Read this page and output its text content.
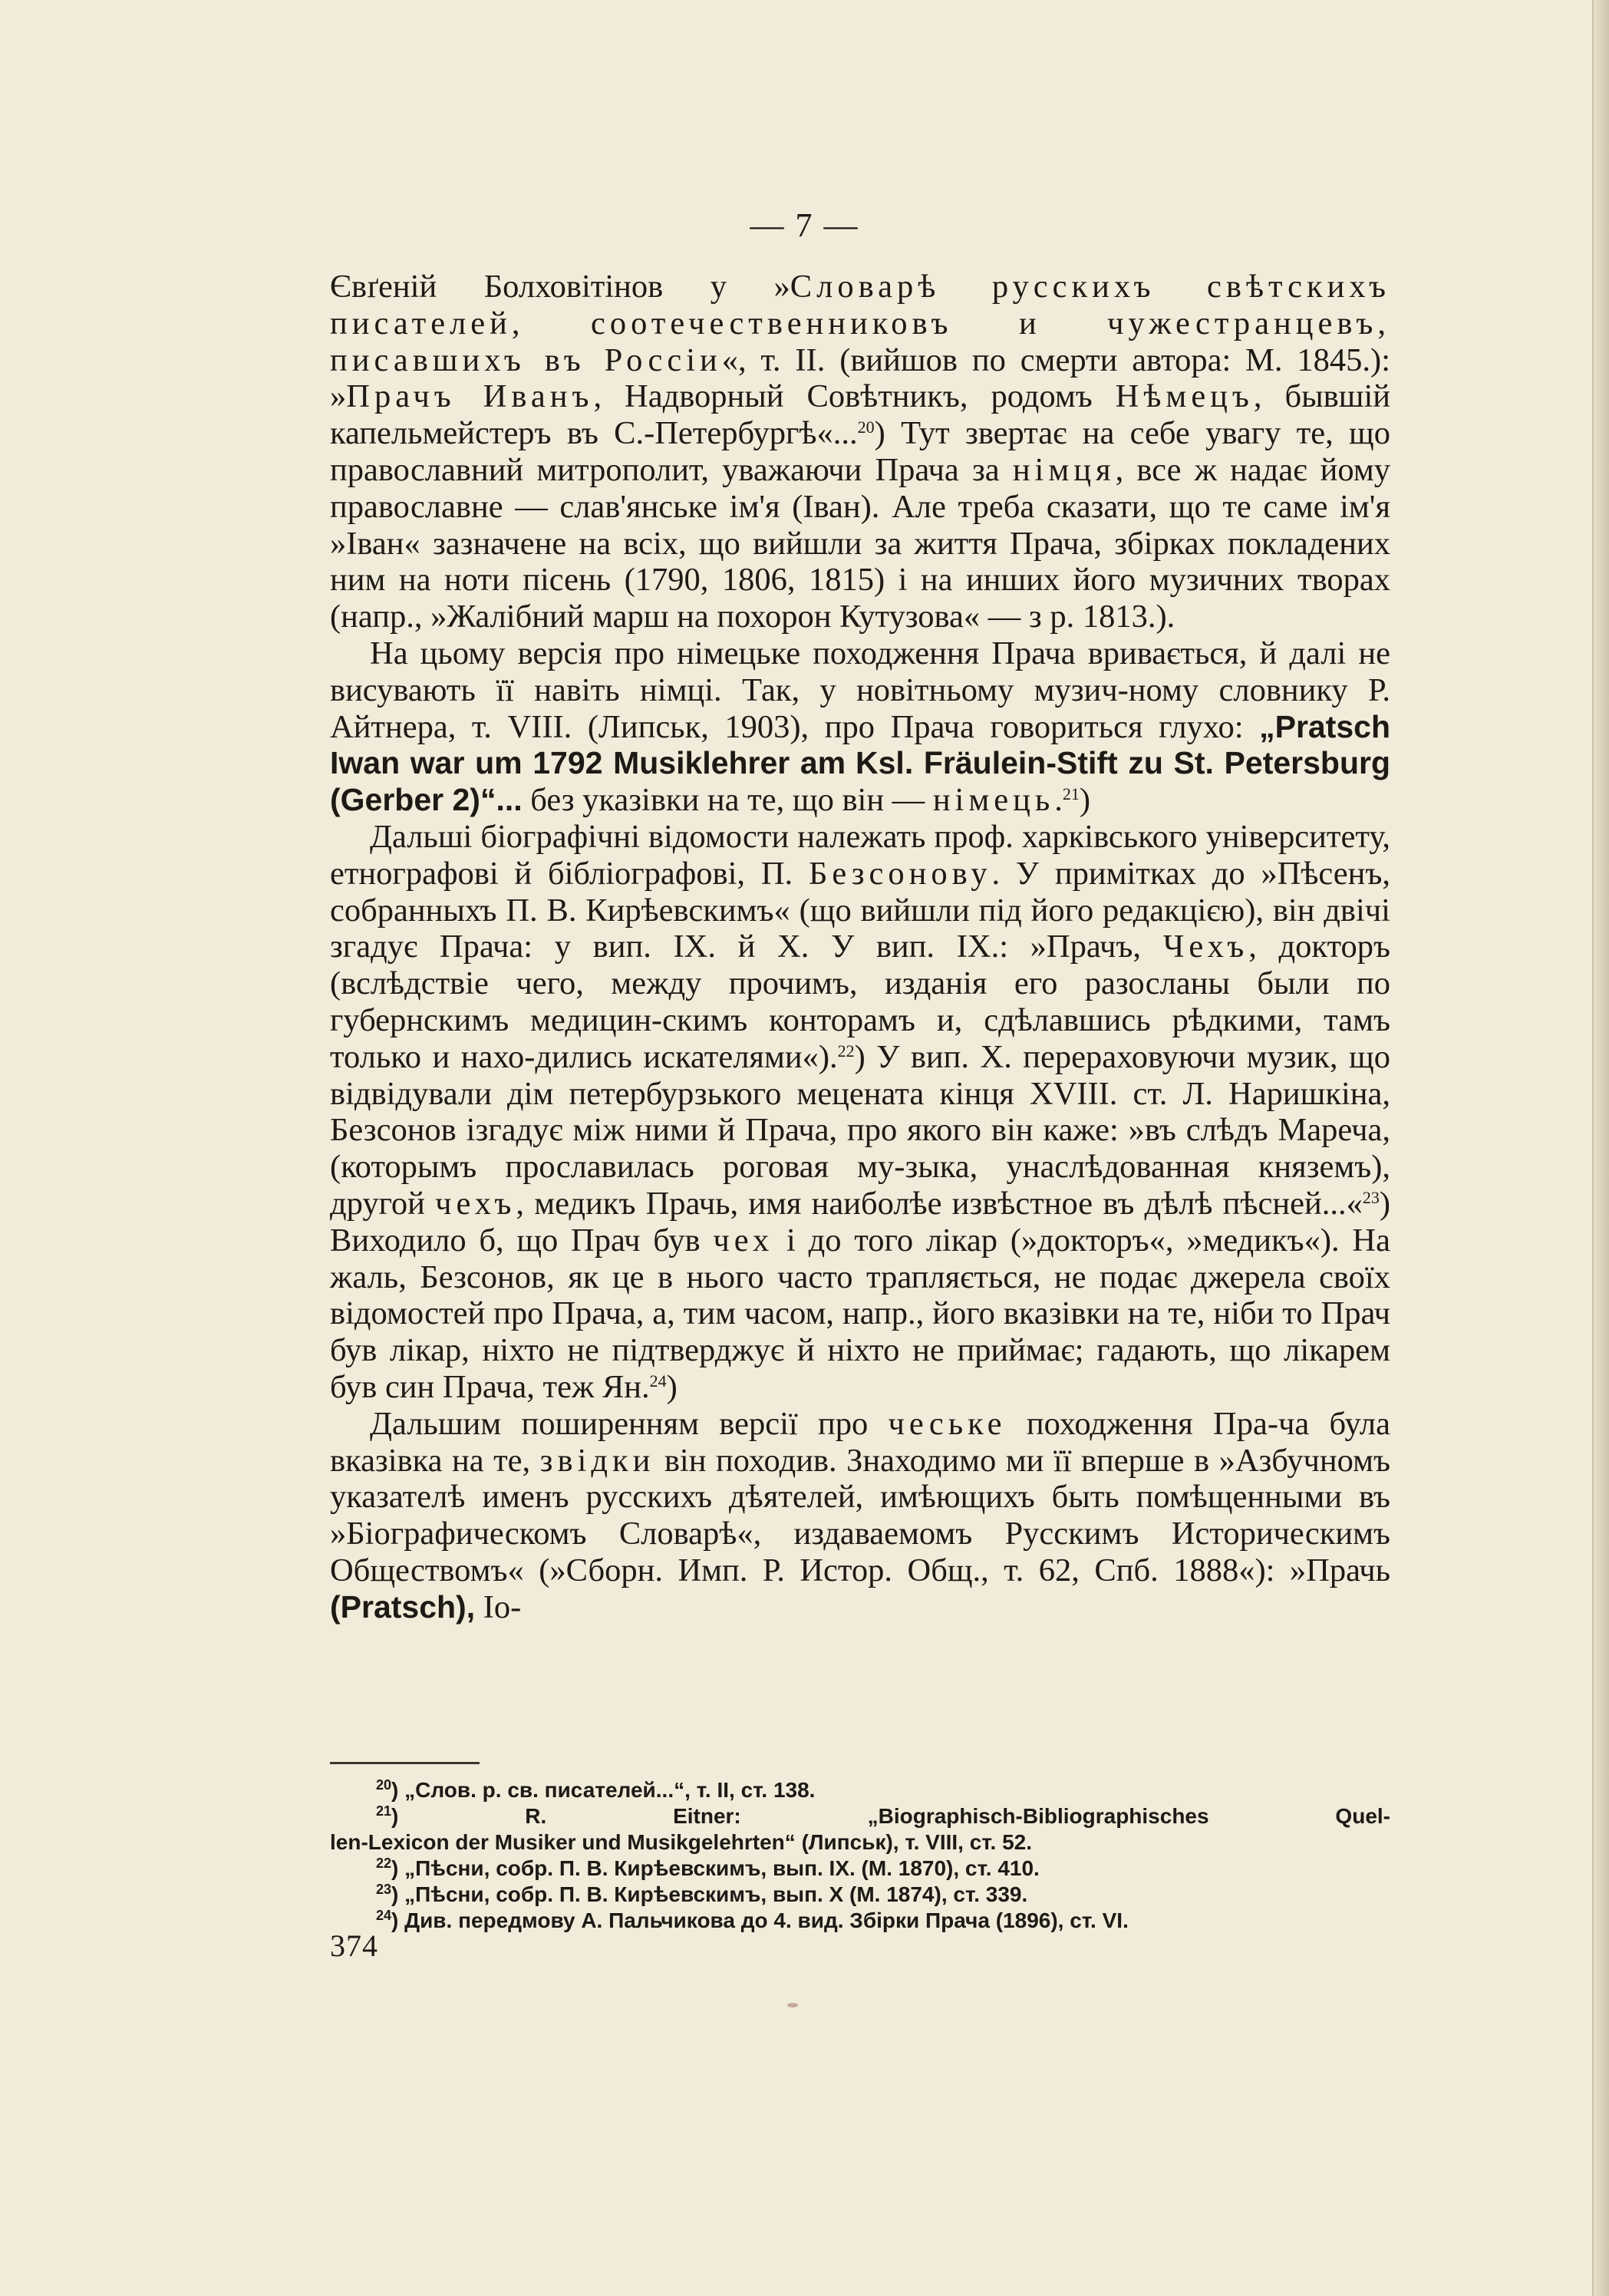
— 7 —

Євґеній Болховітінов у »Словарѣ русскихъ свѣтскихъ писателей, соотечественниковъ и чужестранцевъ, писавшихъ въ Россіи«, т. II. (вийшов по смерти автора: М. 1845.): »Прачъ Иванъ, Надворный Совѣтникъ, родомъ Нѣмецъ, бывшій капельмейстеръ въ С.-Петербургѣ«...$^{20}$) Тут звертає на себе увагу те, що православний митрополит, уважаючи Прача за німця, все ж надає йому православне — слав'янське ім'я (Іван). Але треба сказати, що те саме ім'я »Іван« зазначене на всіх, що вийшли за життя Прача, збірках покладених ним на ноти пісень (1790, 1806, 1815) і на инших його музичних творах (напр., »Жалібний марш на похорон Кутузова« — з р. 1813.).

На цьому версія про німецьке походження Прача вривається, й далі не висувають її навіть німці. Так, у новітньому музич-ному словнику Р. Айтнера, т. VIII. (Липськ, 1903), про Прача говориться глухо: „Pratsch Iwan war um 1792 Musiklehrer am Ksl. Fräulein-Stift zu St. Petersburg (Gerber 2)“... без указівки на те, що він — німець.$^{21}$)

Дальші біографічні відомости належать проф. харківського університету, етнографові й бібліографові, П. Безсонову. У примітках до »Пѣсенъ, собранныхъ П. В. Кирѣевскимъ« (що вийшли під його редакцією), він двічі згадує Прача: у вип. IX. й X. У вип. IX.: »Прачъ, Чехъ, докторъ (вслѣдствіе чего, между прочимъ, изданія его разосланы были по губернскимъ медицин-скимъ конторамъ и, сдѣлавшись рѣдкими, тамъ только и нахо-дились искателями«).$^{22}$) У вип. X. перераховуючи музик, що відвідували дім петербурзького мецената кінця XVIII. ст. Л. Наришкіна, Безсонов ізгадує між ними й Прача, про якого він каже: »въ слѣдъ Мареча, (которымъ прославилась роговая му-зыка, унаслѣдованная княземъ), другой чехъ, медикъ Прачь, имя наиболѣе извѣстное въ дѣлѣ пѣсней...«$^{23}$) Виходило б, що Прач був чех і до того лікар (»докторъ«, »медикъ«). На жаль, Безсонов, як це в нього часто трапляється, не подає джерела своїх відомостей про Прача, а, тим часом, напр., його вказівки на те, ніби то Прач був лікар, ніхто не підтверджує й ніхто не приймає; гадають, що лікарем був син Прача, теж Ян.$^{24}$)

Дальшим поширенням версії про чеське походження Пра-ча була вказівка на те, звідки він походив. Знаходимо ми її вперше в »Азбучномъ указателѣ именъ русскихъ дѣятелей, имѣющихъ быть помѣщенными въ »Біографическомъ Словарѣ«, издаваемомъ Русскимъ Историческимъ Обществомъ« (»Сборн. Имп. Р. Истор. Общ., т. 62, Спб. 1888«): »Прачь (Pratsch), Іо-

$^{20}$) „Слов. р. св. писателей...“, т. II, ст. 138.

$^{21}$) R. Eitner: „Biographisch-Bibliographisches Quel-

len-Lexicon der Musiker und Musikgelehrten“ (Липськ), т. VIII, ст. 52.

$^{22}$) „Пѣсни, собр. П. В. Кирѣевскимъ, вып. IX. (М. 1870), ст. 410.

$^{23}$) „Пѣсни, собр. П. В. Кирѣевскимъ, вып. X (М. 1874), ст. 339.

$^{24}$) Див. передмову А. Пальчикова до 4. вид. Збірки Прача (1896), ст. VI.

374
